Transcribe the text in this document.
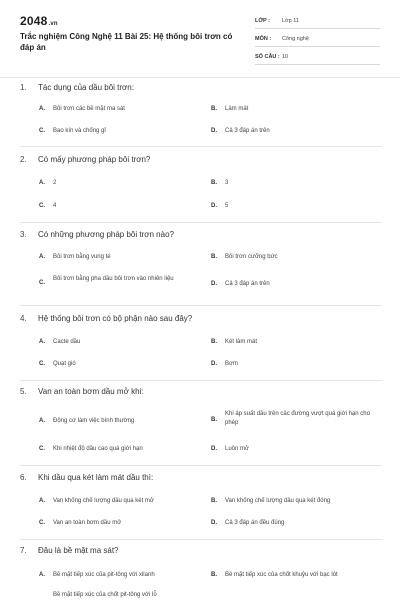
2048.vn
Trắc nghiệm Công Nghệ 11 Bài 25: Hệ thống bôi trơn có đáp án
LỚP :	Lớp 11
MÔN :	Công nghệ
SỐ CÂU : 10
1.	Tác dụng của dầu bôi trơn:
A.	Bôi trơn các bề mặt ma sát	B.	Làm mát
C.	Bao kín và chống gỉ	D.	Cả 3 đáp án trên
2.	Có mấy phương pháp bôi trơn?
A.	2	B.	3
C.	4	D.	5
3.	Có những phương pháp bôi trơn nào?
A.	Bôi trơn bằng vung té	B.	Bôi trơn cưỡng bức
C.
Bôi trơn bằng pha dầu bôi trơn vào nhiên liệu
D.	Cả 3 đáp án trên
4.	Hệ thống bôi trơn có bộ phận nào sau đây?
A.	Cacte dầu	B.	Két làm mát
C.	Quạt gió	D.	Bơm
5.	Van an toàn bơm dầu mở khi:
A.	Động cơ làm việc bình thường	B.
Khi áp suất dầu trên các đường vượt quá giới hạn cho phép
C.	Khi nhiệt độ dầu cao quá giới hạn	D.	Luôn mở
6.	Khi dầu qua két làm mát dầu thì:
A.	Van khống chế lượng dầu qua két mở	B.	Van khống chế lượng dầu qua két đóng
C.	Van an toàn bơm dầu mở	D.	Cả 3 đáp án đều đúng
7.	Đâu là bề mặt ma sát?
A.	Bề mặt tiếp xúc của pit-tông với xilanh	B.	Bề mặt tiếp xúc của chốt khuỷu với bạc lót
Bề mặt tiếp xúc của chốt pit-tông với lỗ
